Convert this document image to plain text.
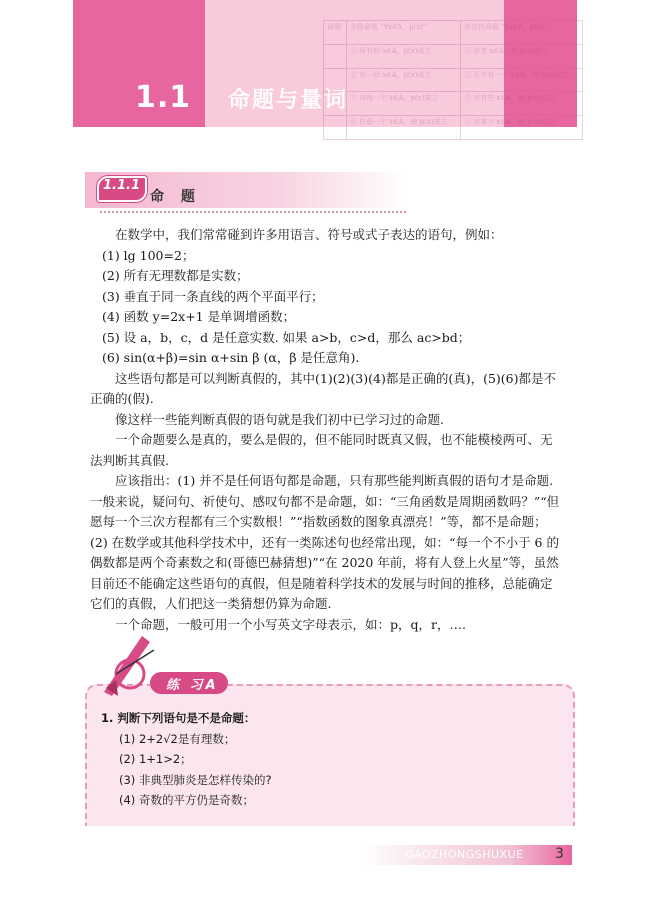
命题	全称命题 “∀x∈A，p(x)”	存在性命题 “∃x∈A，p(x)”
	① 所有的 x∈A，p(x)成立	① 存在 x∈A，使 p(x)成立
	② 对一切 x∈A，p(x)成立	② 至少有一个 x∈A，使 p(x)成立
	③ 对每一个 x∈A，p(x)成立	③ 对有些 x∈A，使 p(x)成立
	④ 任意一个 x∈A，使 p(x)成立	④ 对某个 x∈A，使 p(x)成立
1.1 命题与量词
1.1.1
命 题

在数学中，我们常常碰到许多用语言、符号或式子表达的语句，例如：

(1) lg 100=2；

(2) 所有无理数都是实数；

(3) 垂直于同一条直线的两个平面平行；

(4) 函数 y=2x+1 是单调增函数；

(5) 设 a，b，c，d 是任意实数. 如果 a>b，c>d，那么 ac>bd；

(6) sin(α+β)=sin α+sin β (α，β 是任意角).

这些语句都是可以判断真假的，其中(1)(2)(3)(4)都是正确的(真)，(5)(6)都是不正确的(假).

像这样一些能判断真假的语句就是我们初中已学习过的命题.

一个命题要么是真的，要么是假的，但不能同时既真又假，也不能模棱两可、无法判断其真假.

应该指出：(1) 并不是任何语句都是命题，只有那些能判断真假的语句才是命题. 一般来说，疑问句、祈使句、感叹句都不是命题，如：“三角函数是周期函数吗？”“但愿每一个三次方程都有三个实数根！”“指数函数的图象真漂亮！”等，都不是命题；(2) 在数学或其他科学技术中，还有一类陈述句也经常出现，如：“每一个不小于 6 的偶数都是两个奇素数之和(哥德巴赫猜想)”“在 2020 年前，将有人登上火星”等，虽然目前还不能确定这些语句的真假，但是随着科学技术的发展与时间的推移，总能确定它们的真假，人们把这一类猜想仍算为命题.

一个命题，一般可用一个小写英文字母表示，如：p，q，r，….

练 习A

1. 判断下列语句是不是命题：

(1) 2+2√2是有理数；

(2) 1+1>2；

(3) 非典型肺炎是怎样传染的?

(4) 奇数的平方仍是奇数；

GAOZHONGSHUXUE 3
